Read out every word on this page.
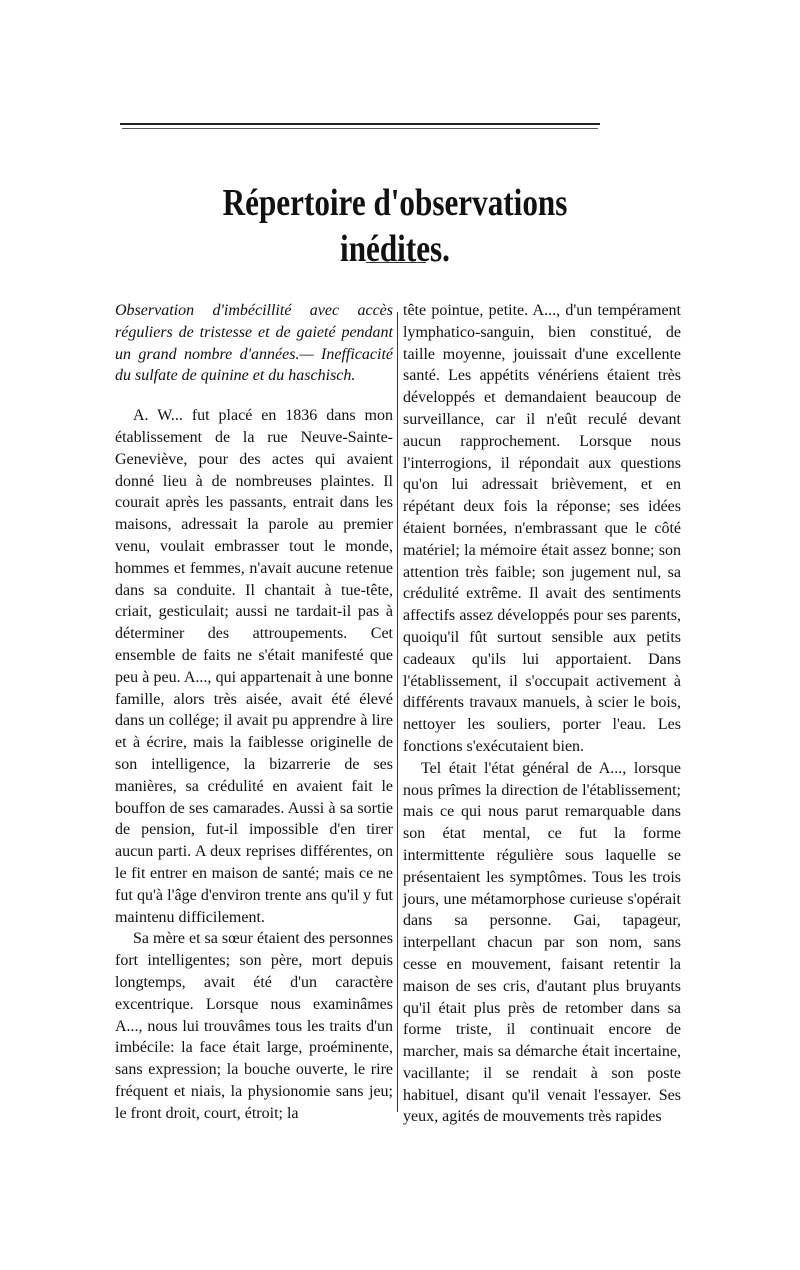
Répertoire d'observations inédites.

Observation d'imbécillité avec accès réguliers de tristesse et de gaieté pendant un grand nombre d'années.— Inefficacité du sulfate de quinine et du haschisch.

A. W... fut placé en 1836 dans mon établissement de la rue Neuve-Sainte-Geneviève, pour des actes qui avaient donné lieu à de nombreuses plaintes. Il courait après les passants, entrait dans les maisons, adressait la parole au premier venu, voulait embrasser tout le monde, hommes et femmes, n'avait aucune retenue dans sa conduite. Il chantait à tue-tête, criait, gesticulait; aussi ne tardait-il pas à déterminer des attroupements. Cet ensemble de faits ne s'était manifesté que peu à peu. A..., qui appartenait à une bonne famille, alors très aisée, avait été élevé dans un collége; il avait pu apprendre à lire et à écrire, mais la faiblesse originelle de son intelligence, la bizarrerie de ses manières, sa crédulité en avaient fait le bouffon de ses camarades. Aussi à sa sortie de pension, fut-il impossible d'en tirer aucun parti. A deux reprises différentes, on le fit entrer en maison de santé; mais ce ne fut qu'à l'âge d'environ trente ans qu'il y fut maintenu difficilement.

Sa mère et sa sœur étaient des personnes fort intelligentes; son père, mort depuis longtemps, avait été d'un caractère excentrique. Lorsque nous examinâmes A..., nous lui trouvâmes tous les traits d'un imbécile: la face était large, proéminente, sans expression; la bouche ouverte, le rire fréquent et niais, la physionomie sans jeu; le front droit, court, étroit; la

tête pointue, petite. A..., d'un tempérament lymphatico-sanguin, bien constitué, de taille moyenne, jouissait d'une excellente santé. Les appétits vénériens étaient très développés et demandaient beaucoup de surveillance, car il n'eût reculé devant aucun rapprochement. Lorsque nous l'interrogions, il répondait aux questions qu'on lui adressait brièvement, et en répétant deux fois la réponse; ses idées étaient bornées, n'embrassant que le côté matériel; la mémoire était assez bonne; son attention très faible; son jugement nul, sa crédulité extrême. Il avait des sentiments affectifs assez développés pour ses parents, quoiqu'il fût surtout sensible aux petits cadeaux qu'ils lui apportaient. Dans l'établissement, il s'occupait activement à différents travaux manuels, à scier le bois, nettoyer les souliers, porter l'eau. Les fonctions s'exécutaient bien.

Tel était l'état général de A..., lorsque nous prîmes la direction de l'établissement; mais ce qui nous parut remarquable dans son état mental, ce fut la forme intermittente régulière sous laquelle se présentaient les symptômes. Tous les trois jours, une métamorphose curieuse s'opérait dans sa personne. Gai, tapageur, interpellant chacun par son nom, sans cesse en mouvement, faisant retentir la maison de ses cris, d'autant plus bruyants qu'il était plus près de retomber dans sa forme triste, il continuait encore de marcher, mais sa démarche était incertaine, vacillante; il se rendait à son poste habituel, disant qu'il venait l'essayer. Ses yeux, agités de mouvements très rapides
